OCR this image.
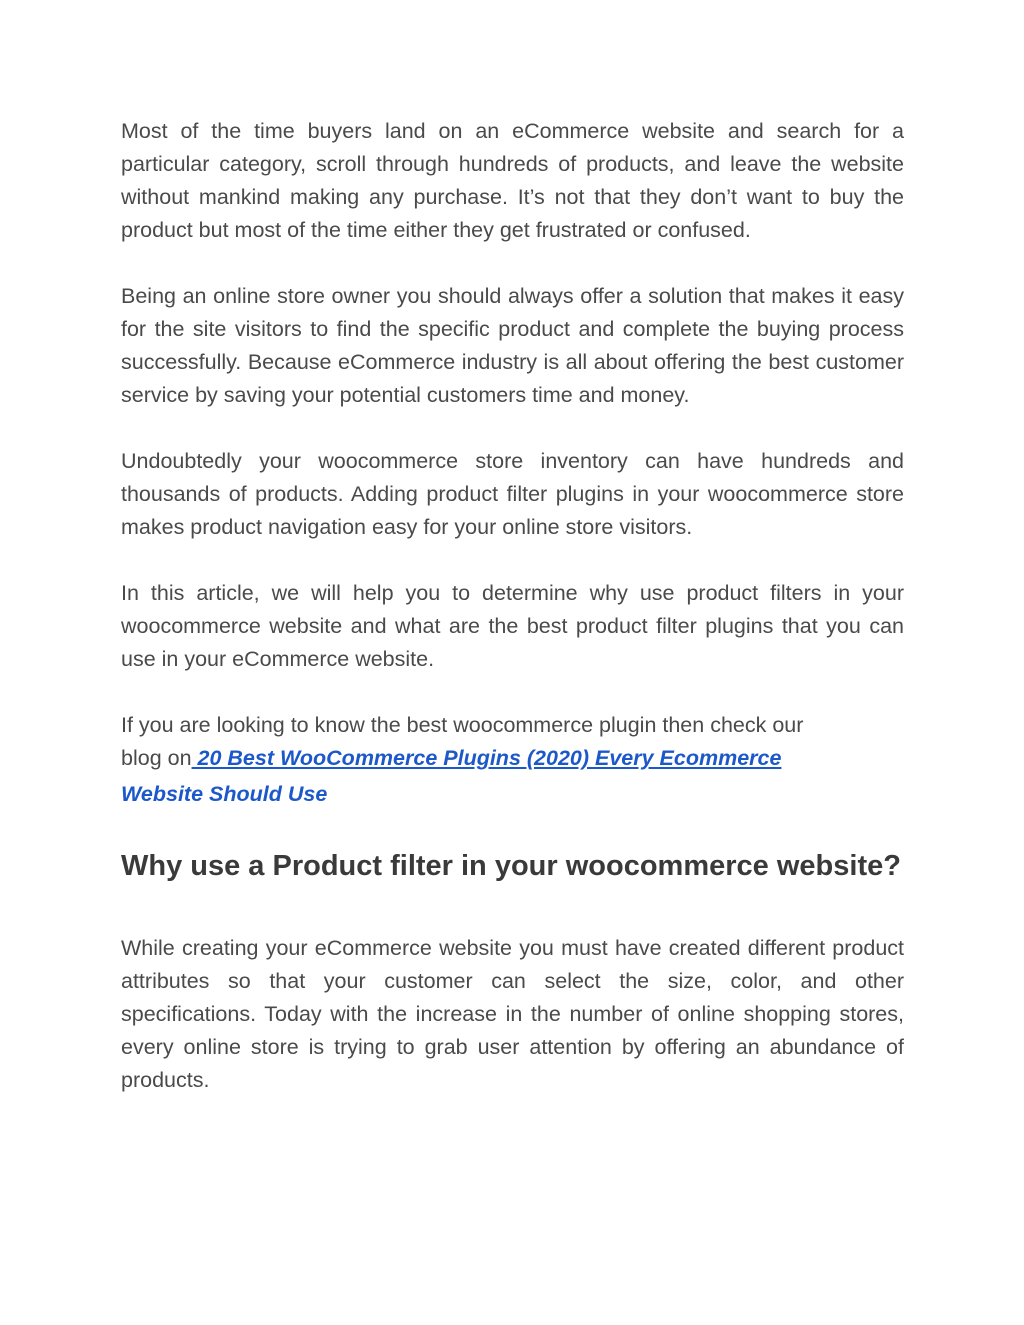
Most of the time buyers land on an eCommerce website and search for a particular category, scroll through hundreds of products, and leave the website without mankind making any purchase. It’s not that they don’t want to buy the product but most of the time either they get frustrated or confused.

Being an online store owner you should always offer a solution that makes it easy for the site visitors to find the specific product and complete the buying process successfully. Because eCommerce industry is all about offering the best customer service by saving your potential customers time and money.

Undoubtedly your woocommerce store inventory can have hundreds and thousands of products. Adding product filter plugins in your woocommerce store makes product navigation easy for your online store visitors.

In this article, we will help you to determine why use product filters in your woocommerce website and what are the best product filter plugins that you can use in your eCommerce website.

If you are looking to know the best woocommerce plugin then check our
blog on 20 Best WooCommerce Plugins (2020) Every Ecommerce
Website Should Use

Why use a Product filter in your woocommerce website?

While creating your eCommerce website you must have created different product attributes so that your customer can select the size, color, and other specifications. Today with the increase in the number of online shopping stores, every online store is trying to grab user attention by offering an abundance of products.
